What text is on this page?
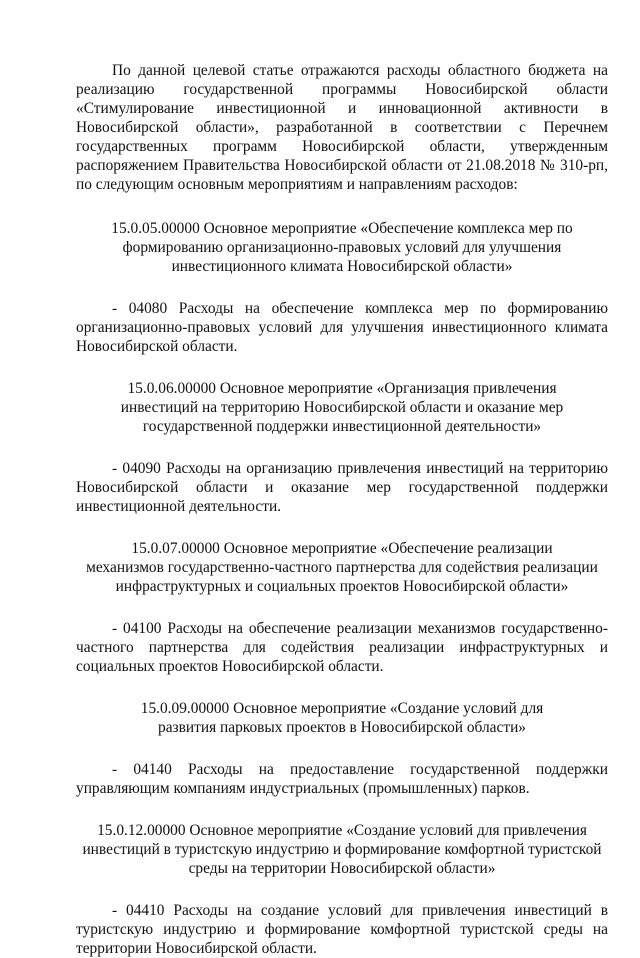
По данной целевой статье отражаются расходы областного бюджета на реализацию государственной программы Новосибирской области «Стимулирование инвестиционной и инновационной активности в Новосибирской области», разработанной в соответствии с Перечнем государственных программ Новосибирской области, утвержденным распоряжением Правительства Новосибирской области от 21.08.2018 № 310-рп, по следующим основным мероприятиям и направлениям расходов:

15.0.05.00000 Основное мероприятие «Обеспечение комплекса мер по
формированию организационно-правовых условий для улучшения
инвестиционного климата Новосибирской области»

- 04080 Расходы на обеспечение комплекса мер по формированию организационно-правовых условий для улучшения инвестиционного климата Новосибирской области.

15.0.06.00000 Основное мероприятие «Организация привлечения
инвестиций на территорию Новосибирской области и оказание мер
государственной поддержки инвестиционной деятельности»

- 04090 Расходы на организацию привлечения инвестиций на территорию Новосибирской области и оказание мер государственной поддержки инвестиционной деятельности.

15.0.07.00000 Основное мероприятие «Обеспечение реализации
механизмов государственно-частного партнерства для содействия реализации
инфраструктурных и социальных проектов Новосибирской области»

- 04100 Расходы на обеспечение реализации механизмов государственно-частного партнерства для содействия реализации инфраструктурных и социальных проектов Новосибирской области.

15.0.09.00000 Основное мероприятие «Создание условий для
развития парковых проектов в Новосибирской области»

- 04140 Расходы на предоставление государственной поддержки управляющим компаниям индустриальных (промышленных) парков.

15.0.12.00000 Основное мероприятие «Создание условий для привлечения
инвестиций в туристскую индустрию и формирование комфортной туристской
среды на территории Новосибирской области»

- 04410 Расходы на создание условий для привлечения инвестиций в туристскую индустрию и формирование комфортной туристской среды на территории Новосибирской области.
